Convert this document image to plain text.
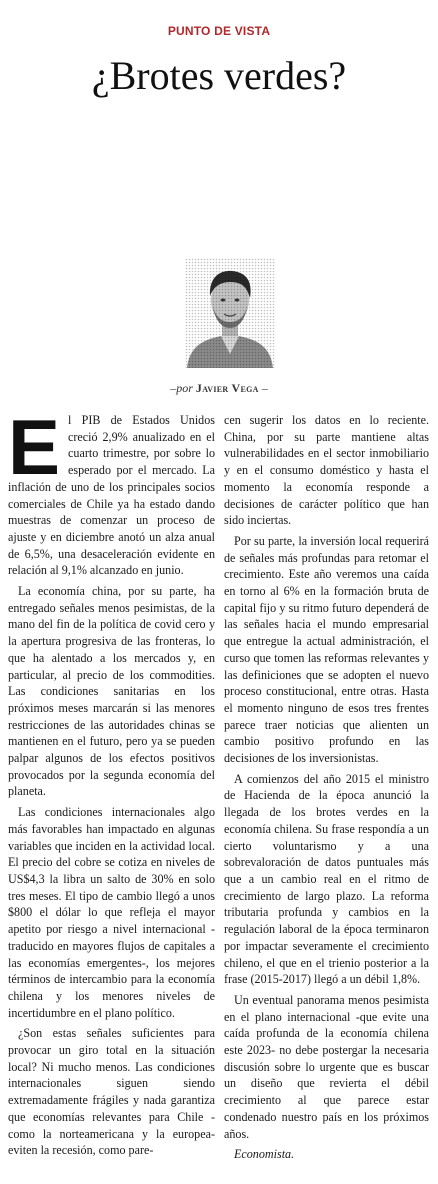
PUNTO DE VISTA
¿Brotes verdes?
–por Javier Vega –
E l PIB de Estados Unidos creció 2,9% anualizado en el cuarto trimestre, por sobre lo esperado por el mercado. La inflación de uno de los principales socios comerciales de Chile ya ha estado dando muestras de comenzar un proceso de ajuste y en diciembre anotó un alza anual de 6,5%, una desaceleración evidente en relación al 9,1% alcanzado en junio.

La economía china, por su parte, ha entregado señales menos pesimistas, de la mano del fin de la política de covid cero y la apertura progresiva de las fronteras, lo que ha alentado a los mercados y, en particular, al precio de los commodities. Las condiciones sanitarias en los próximos meses marcarán si las menores restricciones de las autoridades chinas se mantienen en el futuro, pero ya se pueden palpar algunos de los efectos positivos provocados por la segunda economía del planeta.

Las condiciones internacionales algo más favorables han impactado en algunas variables que inciden en la actividad local. El precio del cobre se cotiza en niveles de US$4,3 la libra un salto de 30% en solo tres meses. El tipo de cambio llegó a unos $800 el dólar lo que refleja el mayor apetito por riesgo a nivel internacional -traducido en mayores flujos de capitales a las economías emergentes-, los mejores términos de intercambio para la economía chilena y los menores niveles de incertidumbre en el plano político.

¿Son estas señales suficientes para provocar un giro total en la situación local? Ni mucho menos. Las condiciones internacionales siguen siendo extremadamente frágiles y nada garantiza que economías relevantes para Chile -como la norteamericana y la europea- eviten la recesión, como pare-

cen sugerir los datos en lo reciente. China, por su parte mantiene altas vulnerabilidades en el sector inmobiliario y en el consumo doméstico y hasta el momento la economía responde a decisiones de carácter político que han sido inciertas.

Por su parte, la inversión local requerirá de señales más profundas para retomar el crecimiento. Este año veremos una caída en torno al 6% en la formación bruta de capital fijo y su ritmo futuro dependerá de las señales hacia el mundo empresarial que entregue la actual administración, el curso que tomen las reformas relevantes y las definiciones que se adopten el nuevo proceso constitucional, entre otras. Hasta el momento ninguno de esos tres frentes parece traer noticias que alienten un cambio positivo profundo en las decisiones de los inversionistas.

A comienzos del año 2015 el ministro de Hacienda de la época anunció la llegada de los brotes verdes en la economía chilena. Su frase respondía a un cierto voluntarismo y a una sobrevaloración de datos puntuales más que a un cambio real en el ritmo de crecimiento de largo plazo. La reforma tributaria profunda y cambios en la regulación laboral de la época terminaron por impactar severamente el crecimiento chileno, el que en el trienio posterior a la frase (2015-2017) llegó a un débil 1,8%.

Un eventual panorama menos pesimista en el plano internacional -que evite una caída profunda de la economía chilena este 2023- no debe postergar la necesaria discusión sobre lo urgente que es buscar un diseño que revierta el débil crecimiento al que parece estar condenado nuestro país en los próximos años.

Economista.
